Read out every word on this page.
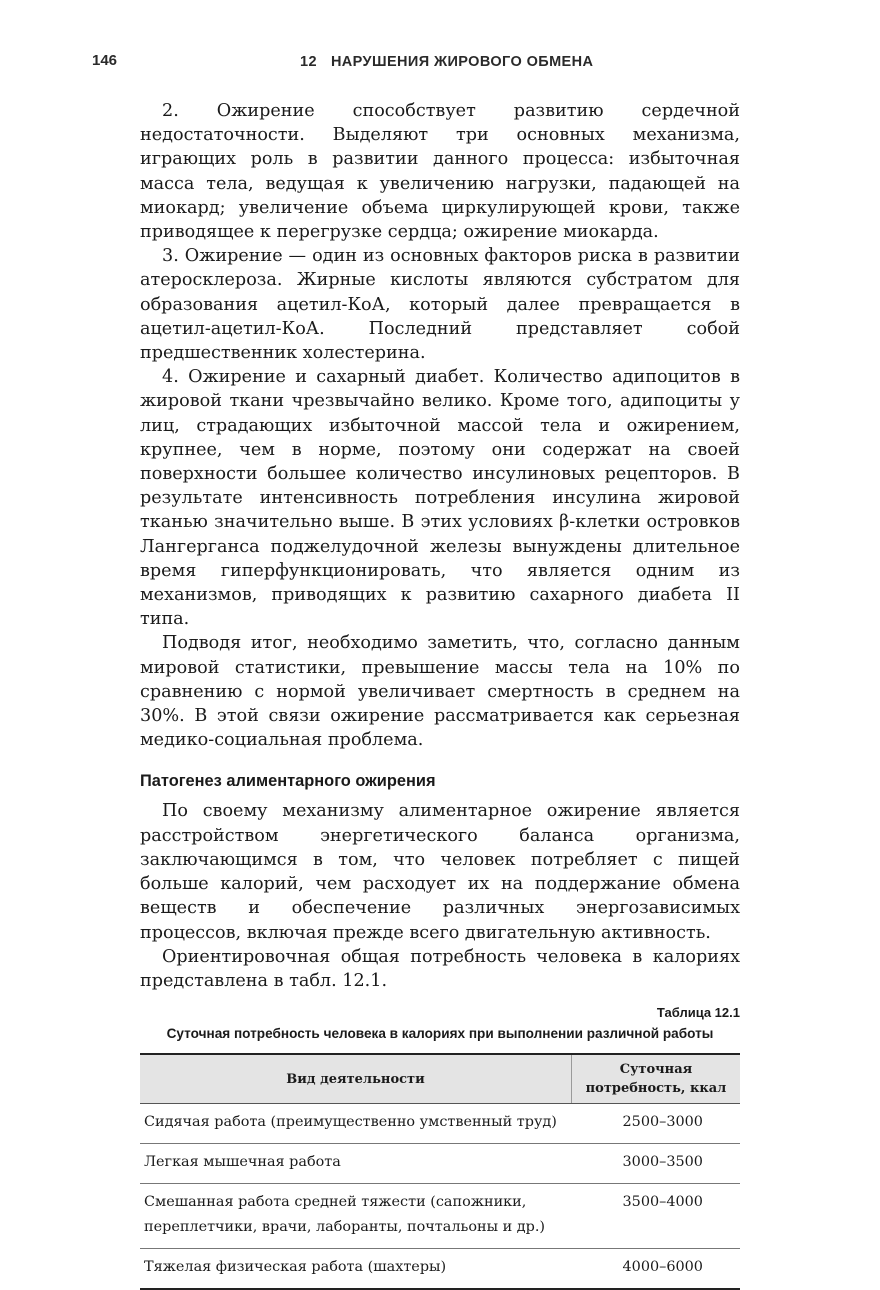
146	12 НАРУШЕНИЯ ЖИРОВОГО ОБМЕНА

2. Ожирение способствует развитию сердечной недостаточности. Выделяют три основных механизма, играющих роль в развитии данного процесса: избыточная масса тела, ведущая к увеличению нагрузки, падающей на миокард; увеличение объема циркулирующей крови, также приводящее к перегрузке сердца; ожирение миокарда.

3. Ожирение — один из основных факторов риска в развитии атеросклероза. Жирные кислоты являются субстратом для образования ацетил-КоА, который далее превращается в ацетил-ацетил-КоА. Последний представляет собой предшественник холестерина.

4. Ожирение и сахарный диабет. Количество адипоцитов в жировой ткани чрезвычайно велико. Кроме того, адипоциты у лиц, страдающих избыточной массой тела и ожирением, крупнее, чем в норме, поэтому они содержат на своей поверхности большее количество инсулиновых рецепторов. В результате интенсивность потребления инсулина жировой тканью значительно выше. В этих условиях β-клетки островков Лангерганса поджелудочной железы вынуждены длительное время гиперфункционировать, что является одним из механизмов, приводящих к развитию сахарного диабета II типа.

Подводя итог, необходимо заметить, что, согласно данным мировой статистики, превышение массы тела на 10% по сравнению с нормой увеличивает смертность в среднем на 30%. В этой связи ожирение рассматривается как серьезная медико-социальная проблема.

Патогенез алиментарного ожирения

По своему механизму алиментарное ожирение является расстройством энергетического баланса организма, заключающимся в том, что человек потребляет с пищей больше калорий, чем расходует их на поддержание обмена веществ и обеспечение различных энергозависимых процессов, включая прежде всего двигательную активность.

Ориентировочная общая потребность человека в калориях представлена в табл. 12.1.

Таблица 12.1
Суточная потребность человека в калориях при выполнении различной работы
Вид деятельности	Суточная потребность, ккал
Сидячая работа (преимущественно умственный труд)	2500–3000
Легкая мышечная работа	3000–3500
Смешанная работа средней тяжести (сапожники, переплетчики, врачи, лаборанты, почтальоны и др.)	3500–4000
Тяжелая физическая работа (шахтеры)	4000–6000
